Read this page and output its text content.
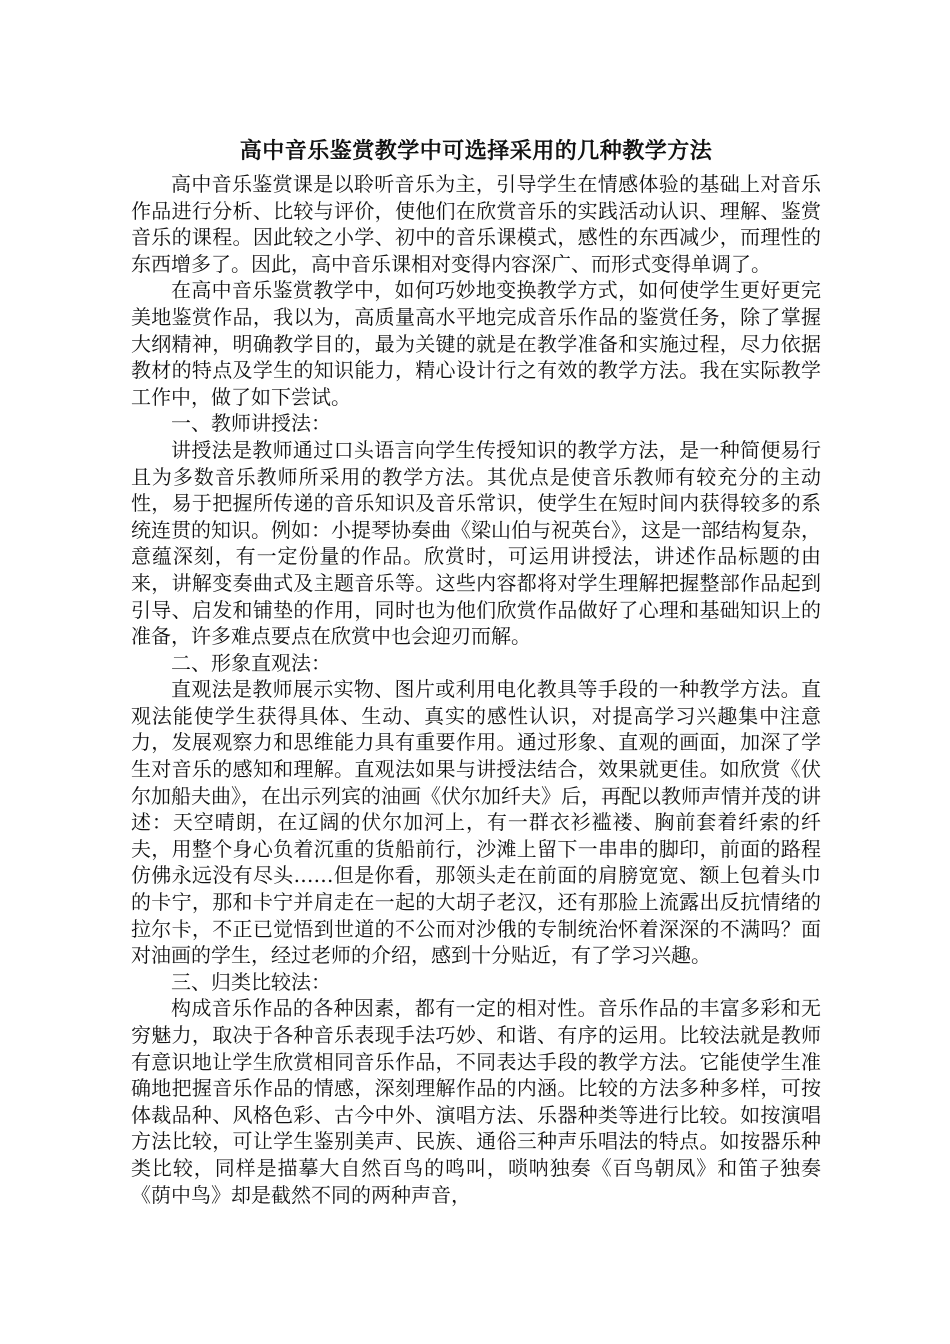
高中音乐鉴赏教学中可选择采用的几种教学方法

高中音乐鉴赏课是以聆听音乐为主，引导学生在情感体验的基础上对音乐作品进行分析、比较与评价，使他们在欣赏音乐的实践活动认识、理解、鉴赏音乐的课程。因此较之小学、初中的音乐课模式，感性的东西减少，而理性的东西增多了。因此，高中音乐课相对变得内容深广、而形式变得单调了。

在高中音乐鉴赏教学中，如何巧妙地变换教学方式，如何使学生更好更完美地鉴赏作品，我以为，高质量高水平地完成音乐作品的鉴赏任务，除了掌握大纲精神，明确教学目的，最为关键的就是在教学准备和实施过程，尽力依据教材的特点及学生的知识能力，精心设计行之有效的教学方法。我在实际教学工作中，做了如下尝试。

一、教师讲授法：

讲授法是教师通过口头语言向学生传授知识的教学方法，是一种简便易行且为多数音乐教师所采用的教学方法。其优点是使音乐教师有较充分的主动性，易于把握所传递的音乐知识及音乐常识，使学生在短时间内获得较多的系统连贯的知识。例如：小提琴协奏曲《梁山伯与祝英台》，这是一部结构复杂，意蕴深刻，有一定份量的作品。欣赏时，可运用讲授法，讲述作品标题的由来，讲解变奏曲式及主题音乐等。这些内容都将对学生理解把握整部作品起到引导、启发和铺垫的作用，同时也为他们欣赏作品做好了心理和基础知识上的准备，许多难点要点在欣赏中也会迎刃而解。

二、形象直观法：

直观法是教师展示实物、图片或利用电化教具等手段的一种教学方法。直观法能使学生获得具体、生动、真实的感性认识，对提高学习兴趣集中注意力，发展观察力和思维能力具有重要作用。通过形象、直观的画面，加深了学生对音乐的感知和理解。直观法如果与讲授法结合，效果就更佳。如欣赏《伏尔加船夫曲》，在出示列宾的油画《伏尔加纤夫》后，再配以教师声情并茂的讲述：天空晴朗，在辽阔的伏尔加河上，有一群衣衫褴褛、胸前套着纤索的纤夫，用整个身心负着沉重的货船前行，沙滩上留下一串串的脚印，前面的路程仿佛永远没有尽头……但是你看，那领头走在前面的肩膀宽宽、额上包着头巾的卡宁，那和卡宁并肩走在一起的大胡子老汉，还有那脸上流露出反抗情绪的拉尔卡，不正已觉悟到世道的不公而对沙俄的专制统治怀着深深的不满吗？面对油画的学生，经过老师的介绍，感到十分贴近，有了学习兴趣。

三、归类比较法：

构成音乐作品的各种因素，都有一定的相对性。音乐作品的丰富多彩和无穷魅力，取决于各种音乐表现手法巧妙、和谐、有序的运用。比较法就是教师有意识地让学生欣赏相同音乐作品，不同表达手段的教学方法。它能使学生准确地把握音乐作品的情感，深刻理解作品的内涵。比较的方法多种多样，可按体裁品种、风格色彩、古今中外、演唱方法、乐器种类等进行比较。如按演唱方法比较，可让学生鉴别美声、民族、通俗三种声乐唱法的特点。如按器乐种类比较，同样是描摹大自然百鸟的鸣叫，唢呐独奏《百鸟朝凤》和笛子独奏《荫中鸟》却是截然不同的两种声音，
